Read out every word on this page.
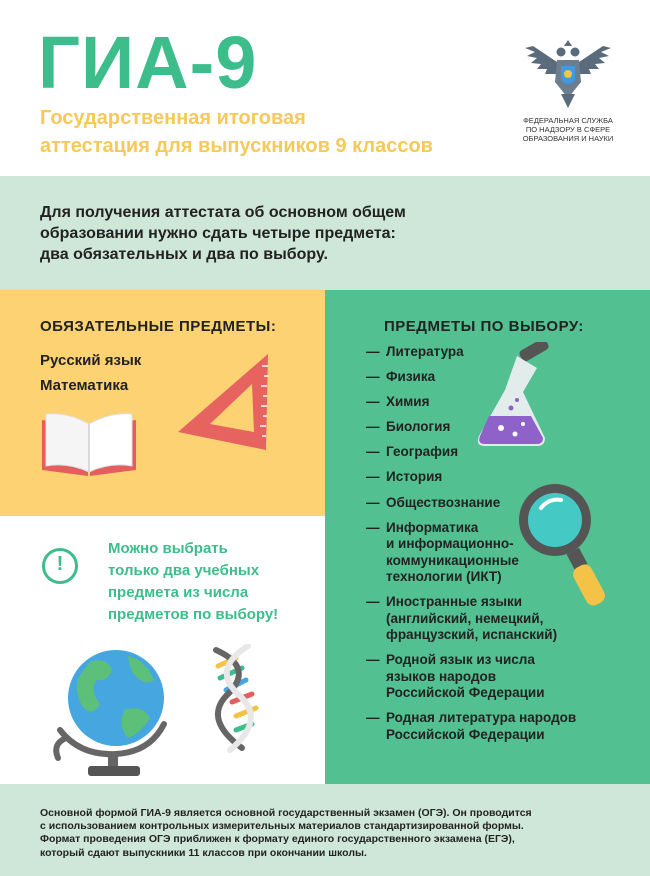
ГИА-9
Государственная итоговая
аттестация для выпускников 9 классов
ФЕДЕРАЛЬНАЯ СЛУЖБА
ПО НАДЗОРУ В СФЕРЕ
ОБРАЗОВАНИЯ И НАУКИ
Для получения аттестата об основном общем
образовании нужно сдать четыре предмета:
два обязательных и два по выбору.
ОБЯЗАТЕЛЬНЫЕ ПРЕДМЕТЫ:
Русский язык
Математика
!
Можно выбрать
только два учебных
предмета из числа
предметов по выбору!
ПРЕДМЕТЫ ПО ВЫБОРУ:
— Литература
— Физика
— Химия
— Биология
— География
— История
— Обществознание
— Информатика
и информационно-
коммуникационные
технологии (ИКТ)
— Иностранные языки
(английский, немецкий,
французский, испанский)
— Родной язык из числа
языков народов
Российской Федерации
— Родная литература народов
Российской Федерации
Основной формой ГИА-9 является основной государственный экзамен (ОГЭ). Он проводится
с использованием контрольных измерительных материалов стандартизированной формы.
Формат проведения ОГЭ приближен к формату единого государственного экзамена (ЕГЭ),
который сдают выпускники 11 классов при окончании школы.
